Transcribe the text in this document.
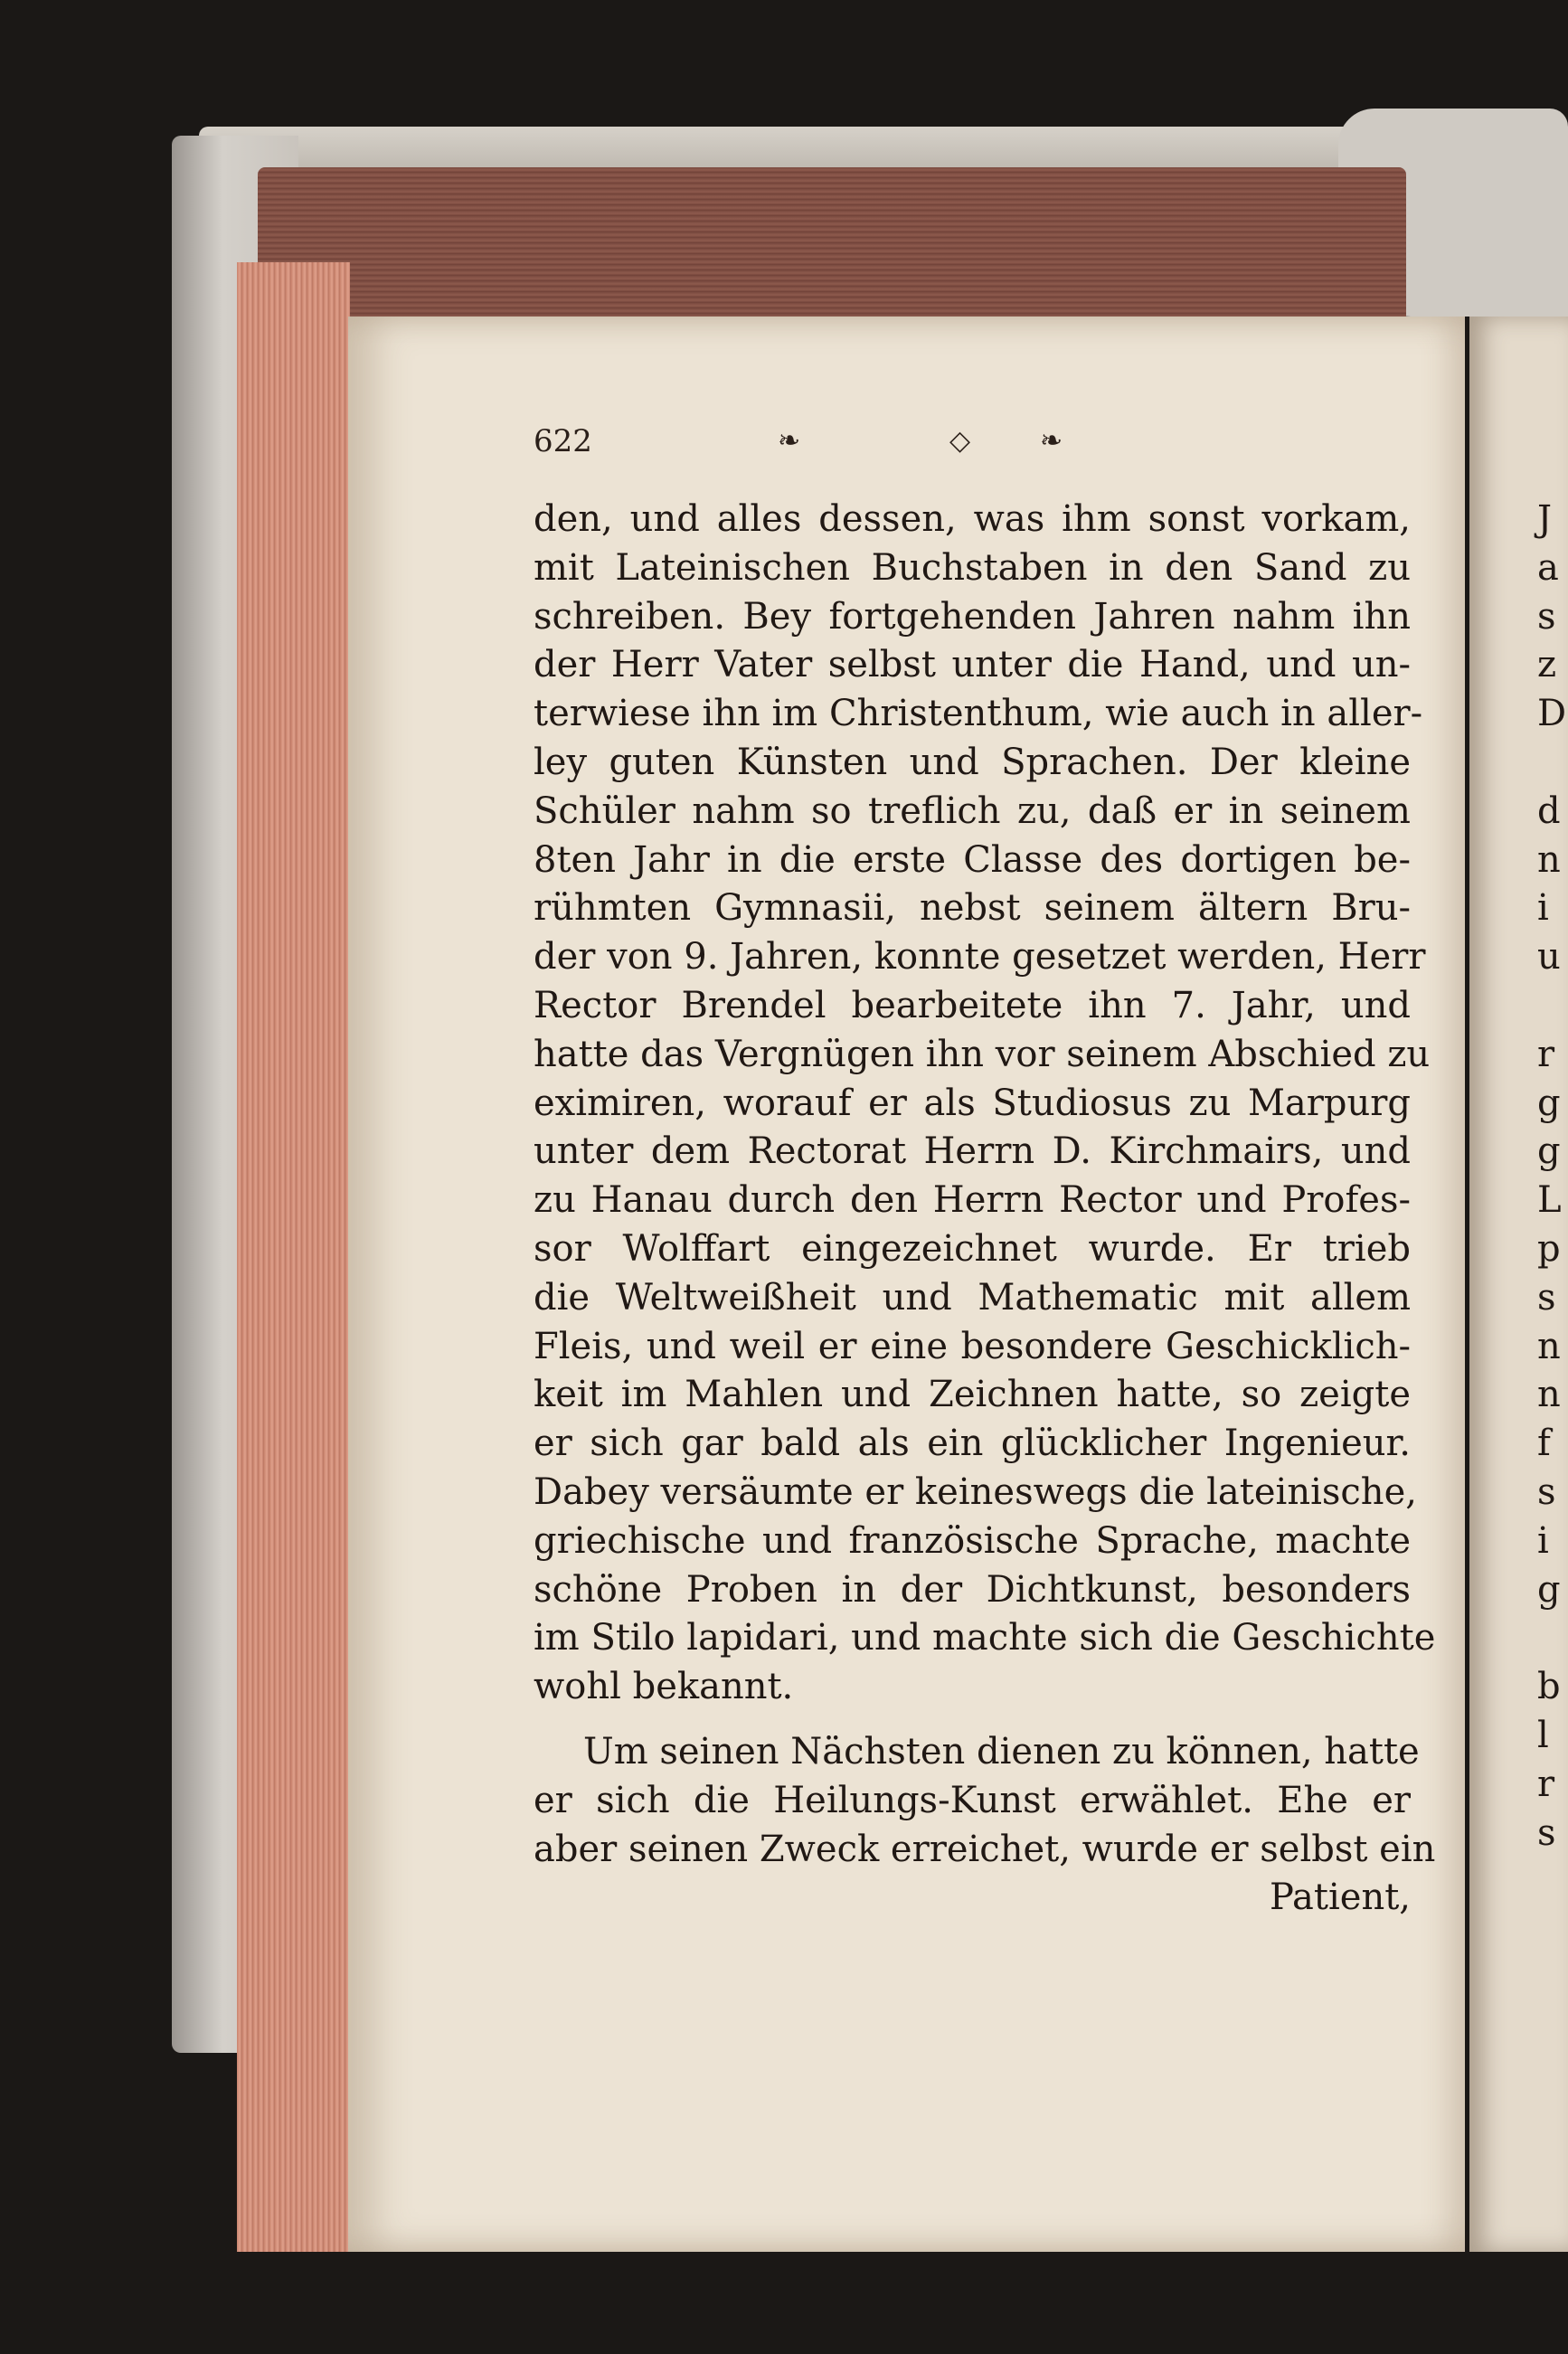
622	❧	◇ ❧
den, und alles dessen, was ihm sonst vorkam,
mit Lateinischen Buchstaben in den Sand zu
schreiben. Bey fortgehenden Jahren nahm ihn
der Herr Vater selbst unter die Hand, und un-
terwiese ihn im Christenthum, wie auch in aller-
ley guten Künsten und Sprachen. Der kleine
Schüler nahm so treflich zu, daß er in seinem
8ten Jahr in die erste Classe des dortigen be-
rühmten Gymnasii, nebst seinem ältern Bru-
der von 9. Jahren, konnte gesetzet werden, Herr
Rector Brendel bearbeitete ihn 7. Jahr, und
hatte das Vergnügen ihn vor seinem Abschied zu
eximiren, worauf er als Studiosus zu Marpurg
unter dem Rectorat Herrn D. Kirchmairs, und
zu Hanau durch den Herrn Rector und Profes-
sor Wolffart eingezeichnet wurde. Er trieb
die Weltweißheit und Mathematic mit allem
Fleis, und weil er eine besondere Geschicklich-
keit im Mahlen und Zeichnen hatte, so zeigte
er sich gar bald als ein glücklicher Ingenieur.
Dabey versäumte er keineswegs die lateinische,
griechische und französische Sprache, machte
schöne Proben in der Dichtkunst, besonders
im Stilo lapidari, und machte sich die Geschichte
wohl bekannt.
Um seinen Nächsten dienen zu können, hatte
er sich die Heilungs-Kunst erwählet. Ehe er
aber seinen Zweck erreichet, wurde er selbst ein
Patient,
J
a
s
z
D

d
n
i
u

r
g
g
L
p
s
n
n
f
s
i
g

b
l
r
s
